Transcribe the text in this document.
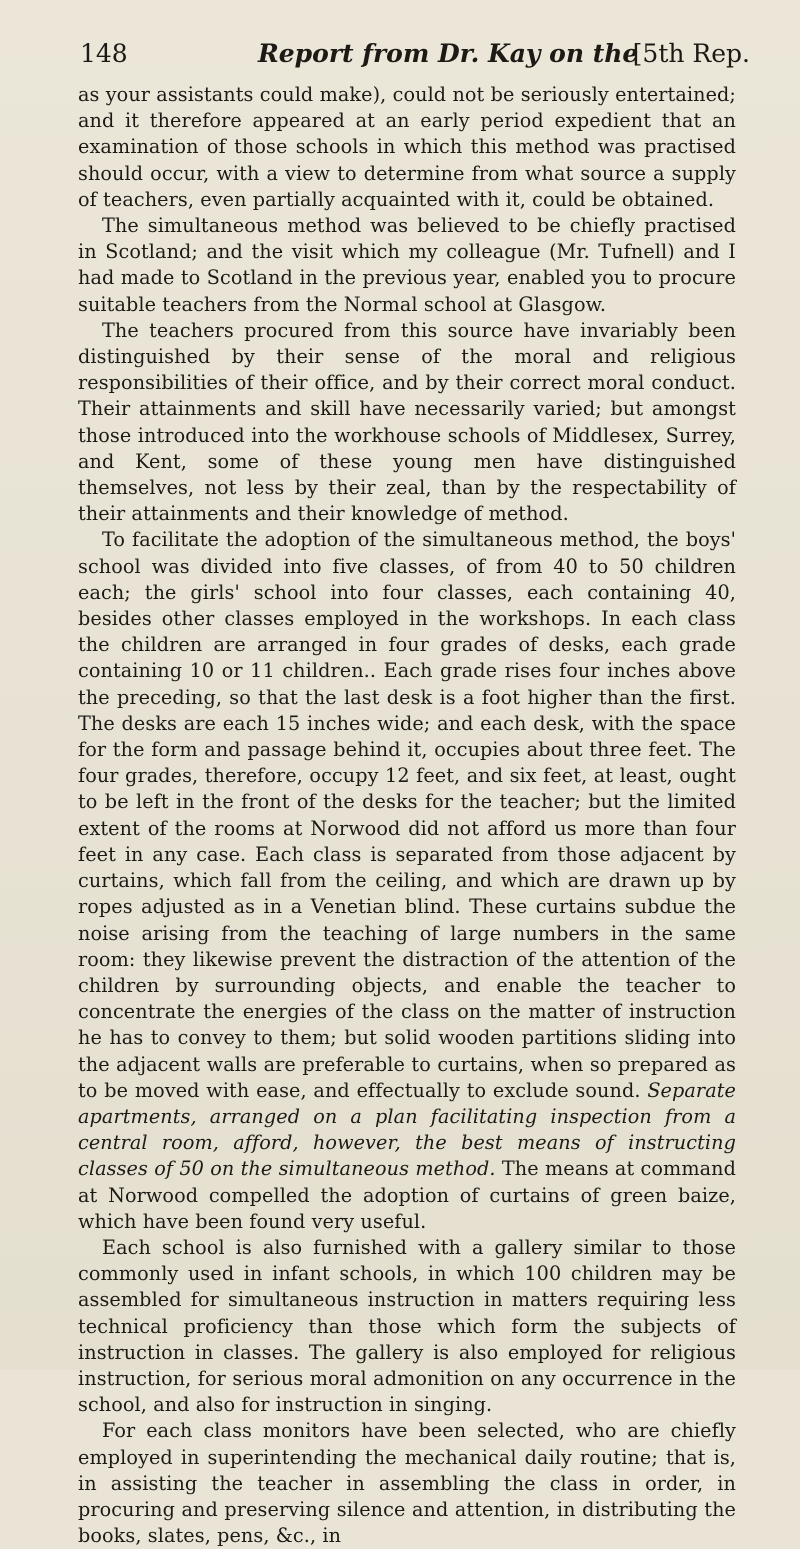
148	Report from Dr. Kay on the
[5th Rep.

as your assistants could make), could not be seriously entertained; and it therefore appeared at an early period expedient that an examination of those schools in which this method was practised should occur, with a view to determine from what source a supply of teachers, even partially acquainted with it, could be obtained.

The simultaneous method was believed to be chiefly practised in Scotland; and the visit which my colleague (Mr. Tufnell) and I had made to Scotland in the previous year, enabled you to procure suitable teachers from the Normal school at Glasgow.

The teachers procured from this source have invariably been distinguished by their sense of the moral and religious responsibilities of their office, and by their correct moral conduct. Their attainments and skill have necessarily varied; but amongst those introduced into the workhouse schools of Middlesex, Surrey, and Kent, some of these young men have distinguished themselves, not less by their zeal, than by the respectability of their attainments and their knowledge of method.

To facilitate the adoption of the simultaneous method, the boys' school was divided into five classes, of from 40 to 50 children each; the girls' school into four classes, each containing 40, besides other classes employed in the workshops. In each class the children are arranged in four grades of desks, each grade containing 10 or 11 children.. Each grade rises four inches above the preceding, so that the last desk is a foot higher than the first. The desks are each 15 inches wide; and each desk, with the space for the form and passage behind it, occupies about three feet. The four grades, therefore, occupy 12 feet, and six feet, at least, ought to be left in the front of the desks for the teacher; but the limited extent of the rooms at Norwood did not afford us more than four feet in any case. Each class is separated from those adjacent by curtains, which fall from the ceiling, and which are drawn up by ropes adjusted as in a Venetian blind. These curtains subdue the noise arising from the teaching of large numbers in the same room: they likewise prevent the distraction of the attention of the children by surrounding objects, and enable the teacher to concentrate the energies of the class on the matter of instruction he has to convey to them; but solid wooden partitions sliding into the adjacent walls are preferable to curtains, when so prepared as to be moved with ease, and effectually to exclude sound. Separate apartments, arranged on a plan facilitating inspection from a central room, afford, however, the best means of instructing classes of 50 on the simultaneous method. The means at command at Norwood compelled the adoption of curtains of green baize, which have been found very useful.

Each school is also furnished with a gallery similar to those commonly used in infant schools, in which 100 children may be assembled for simultaneous instruction in matters requiring less technical proficiency than those which form the subjects of instruction in classes. The gallery is also employed for religious instruction, for serious moral admonition on any occurrence in the school, and also for instruction in singing.

For each class monitors have been selected, who are chiefly employed in superintending the mechanical daily routine; that is, in assisting the teacher in assembling the class in order, in procuring and preserving silence and attention, in distributing the books, slates, pens, &c., in
